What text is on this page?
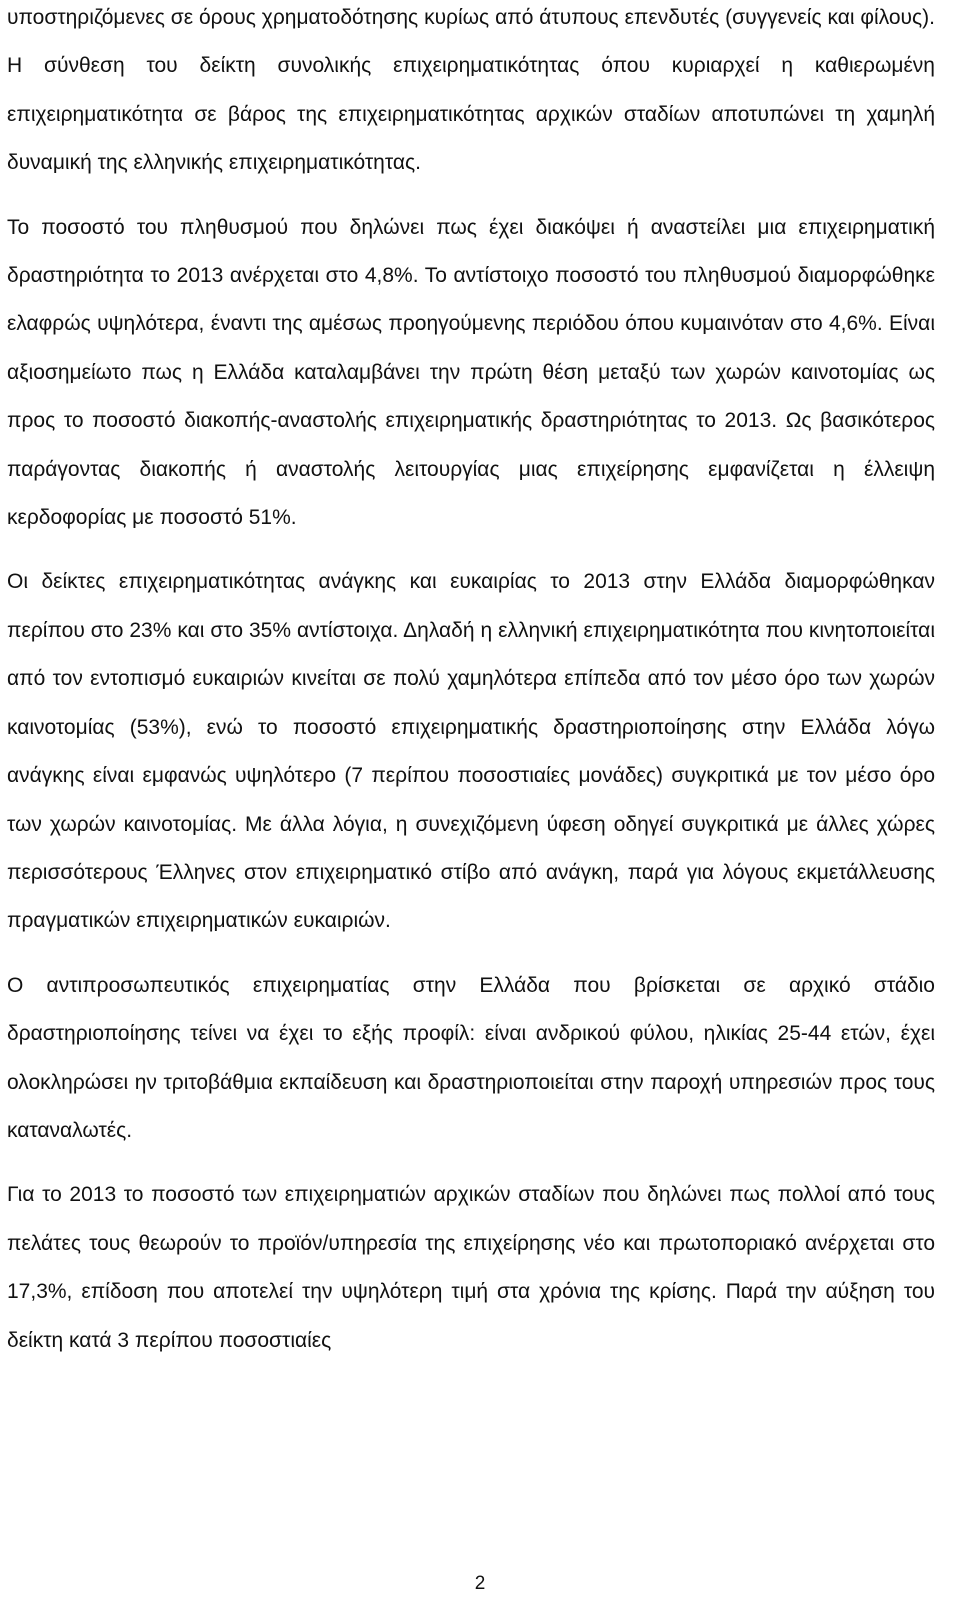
υποστηριζόμενες σε όρους χρηματοδότησης κυρίως από άτυπους επενδυτές (συγγενείς και φίλους). Η σύνθεση του δείκτη συνολικής επιχειρηματικότητας όπου κυριαρχεί η καθιερωμένη επιχειρηματικότητα σε βάρος της επιχειρηματικότητας αρχικών σταδίων αποτυπώνει τη χαμηλή δυναμική της ελληνικής επιχειρηματικότητας.

Το ποσοστό του πληθυσμού που δηλώνει πως έχει διακόψει ή αναστείλει μια επιχειρηματική δραστηριότητα το 2013 ανέρχεται στο 4,8%. Το αντίστοιχο ποσοστό του πληθυσμού διαμορφώθηκε ελαφρώς υψηλότερα, έναντι της αμέσως προηγούμενης περιόδου όπου κυμαινόταν στο 4,6%. Είναι αξιοσημείωτο πως η Ελλάδα καταλαμβάνει την πρώτη θέση μεταξύ των χωρών καινοτομίας ως προς το ποσοστό διακοπής-αναστολής επιχειρηματικής δραστηριότητας το 2013. Ως βασικότερος παράγοντας διακοπής ή αναστολής λειτουργίας μιας επιχείρησης εμφανίζεται η έλλειψη κερδοφορίας με ποσοστό 51%.

Οι δείκτες επιχειρηματικότητας ανάγκης και ευκαιρίας το 2013 στην Ελλάδα διαμορφώθηκαν περίπου στο 23% και στο 35% αντίστοιχα. Δηλαδή η ελληνική επιχειρηματικότητα που κινητοποιείται από τον εντοπισμό ευκαιριών κινείται σε πολύ χαμηλότερα επίπεδα από τον μέσο όρο των χωρών καινοτομίας (53%), ενώ το ποσοστό επιχειρηματικής δραστηριοποίησης στην Ελλάδα λόγω ανάγκης είναι εμφανώς υψηλότερο (7 περίπου ποσοστιαίες μονάδες) συγκριτικά με τον μέσο όρο των χωρών καινοτομίας. Με άλλα λόγια, η συνεχιζόμενη ύφεση οδηγεί συγκριτικά με άλλες χώρες περισσότερους Έλληνες στον επιχειρηματικό στίβο από ανάγκη, παρά για λόγους εκμετάλλευσης πραγματικών επιχειρηματικών ευκαιριών.

Ο αντιπροσωπευτικός επιχειρηματίας στην Ελλάδα που βρίσκεται σε αρχικό στάδιο δραστηριοποίησης τείνει να έχει το εξής προφίλ: είναι ανδρικού φύλου, ηλικίας 25-44 ετών, έχει ολοκληρώσει ην τριτοβάθμια εκπαίδευση και δραστηριοποιείται στην παροχή υπηρεσιών προς τους καταναλωτές.

Για το 2013 το ποσοστό των επιχειρηματιών αρχικών σταδίων που δηλώνει πως πολλοί από τους πελάτες τους θεωρούν το προϊόν/υπηρεσία της επιχείρησης νέο και πρωτοποριακό ανέρχεται στο 17,3%, επίδοση που αποτελεί την υψηλότερη τιμή στα χρόνια της κρίσης. Παρά την αύξηση του δείκτη κατά 3 περίπου ποσοστιαίες

2
